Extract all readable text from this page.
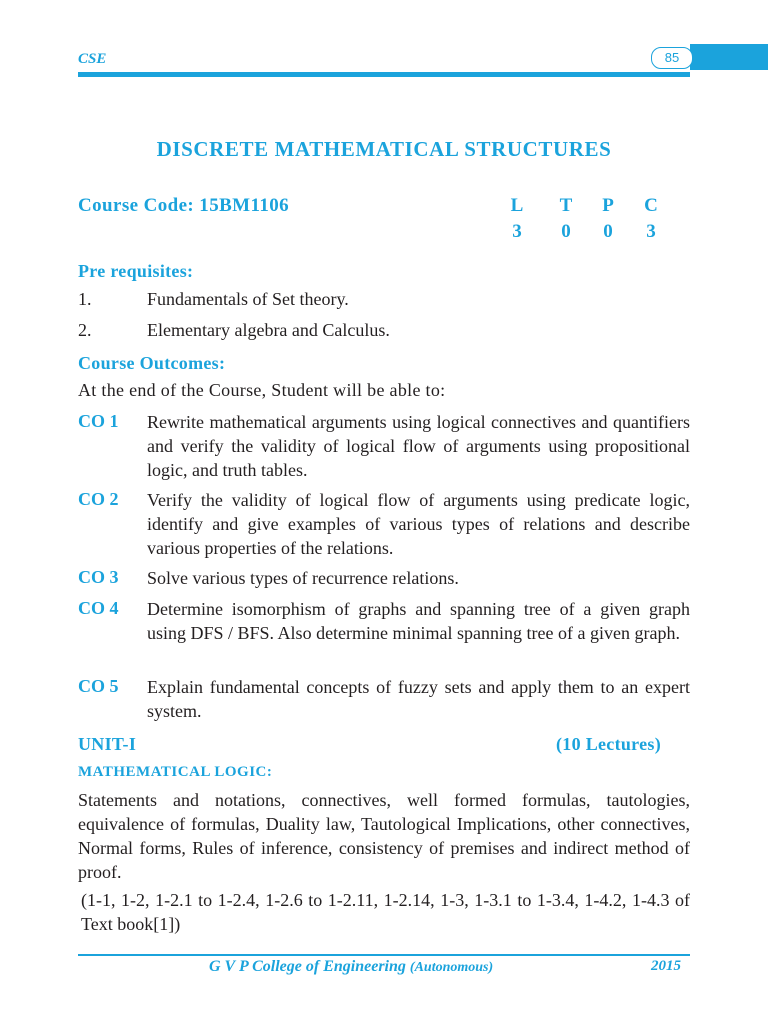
CSE	85
DISCRETE MATHEMATICAL STRUCTURES
Course Code: 15BM1106	L T P C
3	0	0	3
Pre requisites:
1.	Fundamentals of Set theory.
2.	Elementary algebra and Calculus.
Course Outcomes:
At the end of the Course, Student will be able to:
CO 1 Rewrite mathematical arguments using logical connectives and quantifiers and verify the validity of logical flow of arguments using propositional logic, and truth tables.
CO 2 Verify the validity of logical flow of arguments using predicate logic, identify and give examples of various types of relations and describe various properties of the relations.
CO 3 Solve various types of recurrence relations.
CO 4 Determine isomorphism of graphs and spanning tree of a given graph using DFS / BFS. Also determine minimal spanning tree of a given graph.
CO 5 Explain fundamental concepts of fuzzy sets and apply them to an expert system.
UNIT-I	(10 Lectures)
MATHEMATICAL LOGIC:
Statements and notations, connectives, well formed formulas, tautologies, equivalence of formulas, Duality law, Tautological Implications, other connectives, Normal forms, Rules of inference, consistency of premises and indirect method of proof.
(1-1, 1-2, 1-2.1 to 1-2.4, 1-2.6 to 1-2.11, 1-2.14, 1-3, 1-3.1 to 1-3.4, 1-4.2, 1-4.3 of Text book[1])
G V P College of Engineering (Autonomous)	2015
